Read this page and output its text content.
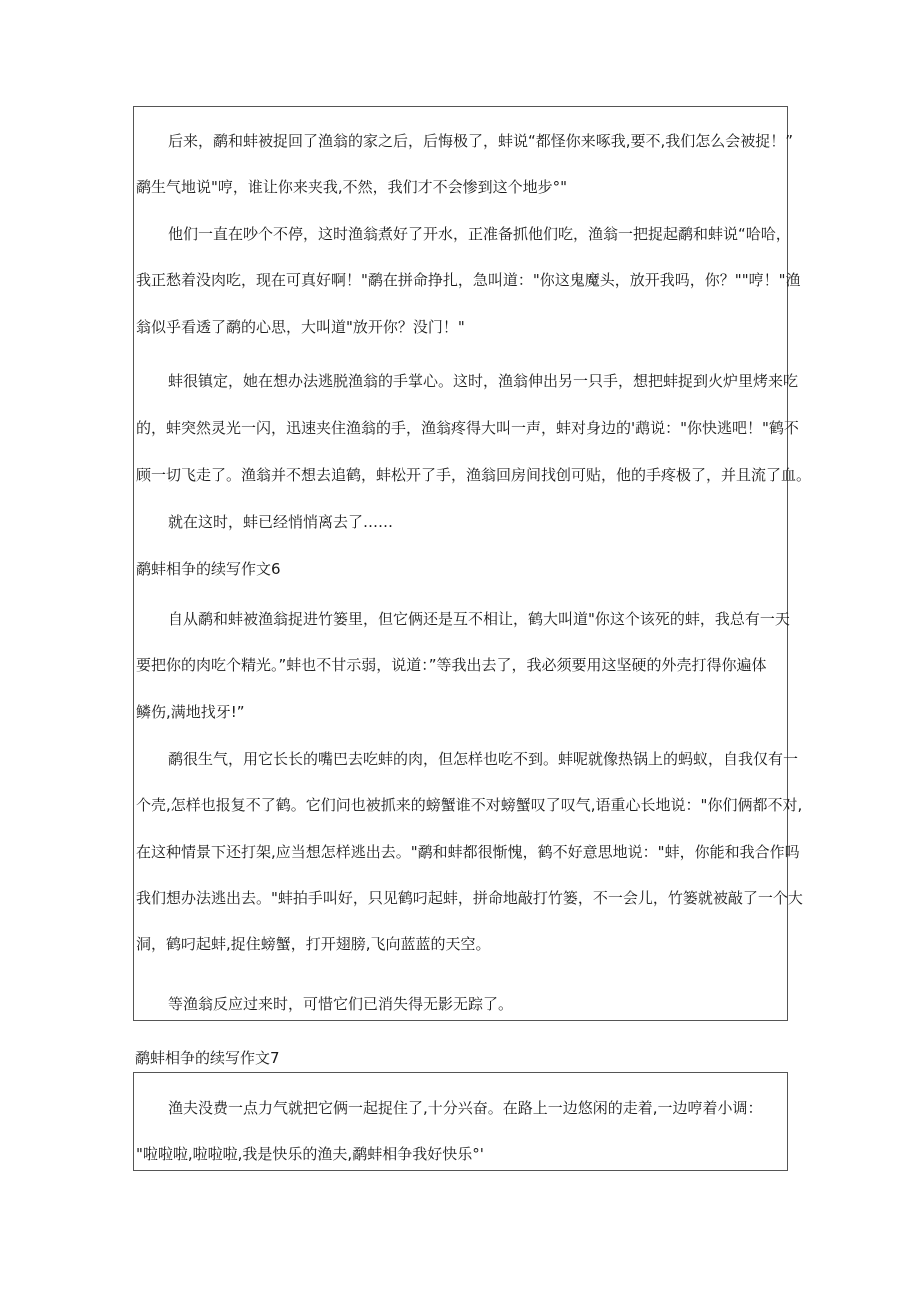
后来，鹬和蚌被捉回了渔翁的家之后，后悔极了，蚌说“都怪你来啄我,要不,我们怎么会被捉！”
鹬生气地说"哼，谁让你来夹我,不然，我们才不会惨到这个地步°"
他们一直在吵个不停，这时渔翁煮好了开水，正准备抓他们吃，渔翁一把捉起鹬和蚌说“哈哈，
我正愁着没肉吃，现在可真好啊！"鹬在拼命挣扎，急叫道："你这鬼魔头，放开我吗，你？""哼！"渔
翁似乎看透了鹬的心思，大叫道"放开你？没门！"
蚌很镇定，她在想办法逃脱渔翁的手掌心。这时，渔翁伸出另一只手，想把蚌捉到火炉里烤来吃
的，蚌突然灵光一闪，迅速夹住渔翁的手，渔翁疼得大叫一声，蚌对身边的'鹉说："你快逃吧！"鹤不
顾一切飞走了。渔翁并不想去追鹤，蚌松开了手，渔翁回房间找创可贴，他的手疼极了，并且流了血。
就在这时，蚌已经悄悄离去了……
鹬蚌相争的续写作文6
自从鹬和蚌被渔翁捉进竹篓里，但它俩还是互不相让，鹤大叫道"你这个该死的蚌，我总有一天
要把你的肉吃个精光。”蚌也不甘示弱，说道：”等我出去了，我必须要用这坚硬的外壳打得你遍体
鳞伤,满地找牙!”
鹬很生气，用它长长的嘴巴去吃蚌的肉，但怎样也吃不到。蚌呢就像热锅上的蚂蚁，自我仅有一
个壳,怎样也报复不了鹤。它们问也被抓来的螃蟹谁不对螃蟹叹了叹气,语重心长地说："你们俩都不对,
在这种情景下还打架,应当想怎样逃出去。"鹬和蚌都很惭愧，鹤不好意思地说："蚌，你能和我合作吗
我们想办法逃出去。"蚌拍手叫好，只见鹤叼起蚌，拼命地敲打竹篓，不一会儿，竹篓就被敲了一个大
洞，鹤叼起蚌,捉住螃蟹，打开翅膀,飞向蓝蓝的天空。
等渔翁反应过来时，可惜它们已消失得无影无踪了。
鹬蚌相争的续写作文7
渔夫没费一点力气就把它俩一起捉住了,十分兴奋。在路上一边悠闲的走着,一边哼着小调：
"啦啦啦,啦啦啦,我是快乐的渔夫,鹬蚌相争我好快乐°'
